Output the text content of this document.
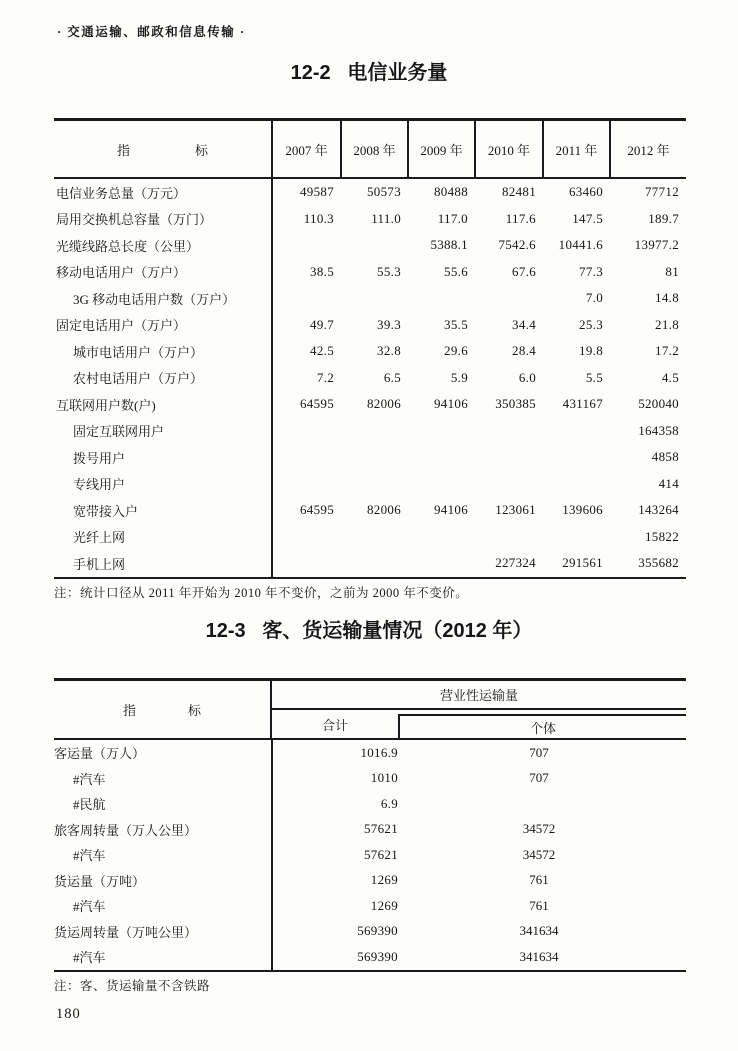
· 交通运输、邮政和信息传输 ·
12-2   电信业务量
指　　　　　标	2007 年	2008 年	2009 年	2010 年	2011 年	2012 年
电信业务总量（万元）	49587	50573	80488	82481	63460	77712
局用交换机总容量（万门）	110.3	111.0	117.0	117.6	147.5	189.7
光缆线路总长度（公里）			5388.1	7542.6	10441.6	13977.2
移动电话用户（万户）	38.5	55.3	55.6	67.6	77.3	81
3G 移动电话用户数（万户）					7.0	14.8
固定电话用户（万户）	49.7	39.3	35.5	34.4	25.3	21.8
城市电话用户（万户）	42.5	32.8	29.6	28.4	19.8	17.2
农村电话用户（万户）	7.2	6.5	5.9	6.0	5.5	4.5
互联网用户数(户)	64595	82006	94106	350385	431167	520040
固定互联网用户						164358
拨号用户						4858
专线用户						414
宽带接入户	64595	82006	94106	123061	139606	143264
光纤上网						15822
手机上网				227324	291561	355682
注：统计口径从 2011 年开始为 2010 年不变价，之前为 2000 年不变价。
12-3   客、货运输量情况（2012 年）
指　　　　标
营业性运输量
合计	个体
客运量（万人）	1016.9	707
#汽车	1010	707
#民航	6.9	
旅客周转量（万人公里）	57621	34572
#汽车	57621	34572
货运量（万吨）	1269	761
#汽车	1269	761
货运周转量（万吨公里）	569390	341634
#汽车	569390	341634
注：客、货运输量不含铁路
180
